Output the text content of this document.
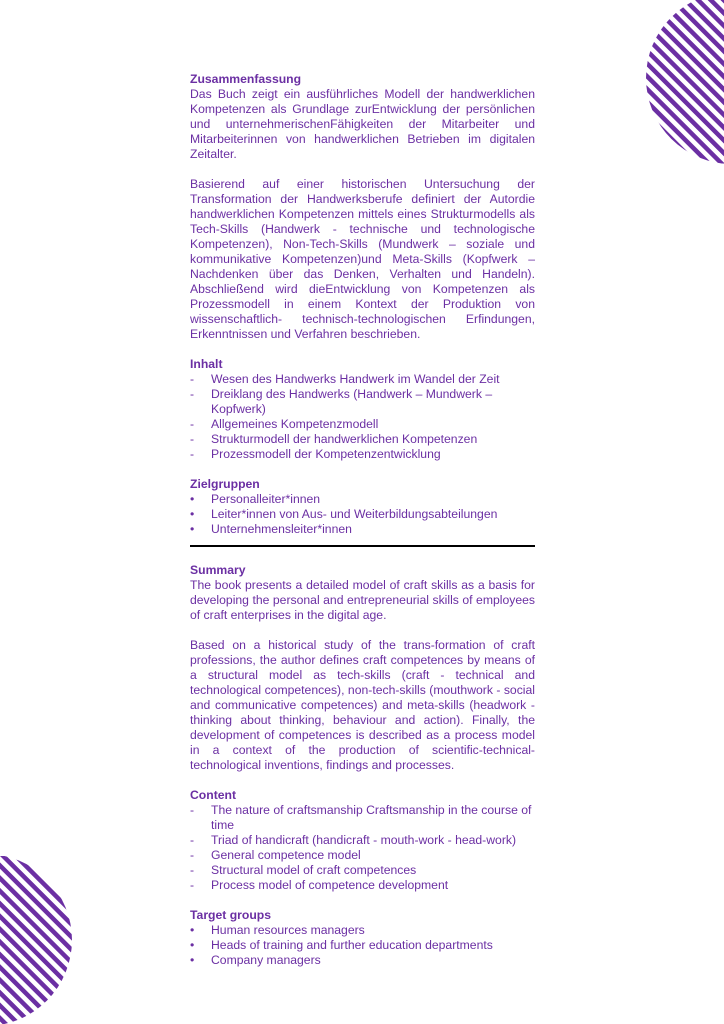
Zusammenfassung

Das Buch zeigt ein ausführliches Modell der handwerklichen Kompetenzen als Grundlage zurEntwicklung der persönlichen und unternehmerischenFähigkeiten der Mitarbeiter und Mitarbeiterinnen von handwerklichen Betrieben im digitalen Zeitalter.

Basierend auf einer historischen Untersuchung der Transformation der Handwerksberufe definiert der Autordie handwerklichen Kompetenzen mittels eines Strukturmodells als Tech-Skills (Handwerk - technische und technologische Kompetenzen), Non-Tech-Skills (Mundwerk – soziale und kommunikative Kompetenzen)und Meta-Skills (Kopfwerk – Nachdenken über das Denken, Verhalten und Handeln). Abschließend wird dieEntwicklung von Kompetenzen als Prozessmodell in einem Kontext der Produktion von wissenschaftlich- technisch-technologischen Erfindungen, Erkenntnissen und Verfahren beschrieben.

Inhalt
- Wesen des Handwerks Handwerk im Wandel der Zeit
- Dreiklang des Handwerks (Handwerk – Mundwerk – Kopfwerk)
- Allgemeines Kompetenzmodell
- Strukturmodell der handwerklichen Kompetenzen
- Prozessmodell der Kompetenzentwicklung
Zielgruppen
• Personalleiter*innen
• Leiter*innen von Aus- und Weiterbildungsabteilungen
• Unternehmensleiter*innen
Summary

The book presents a detailed model of craft skills as a basis for developing the personal and entrepreneurial skills of employees of craft enterprises in the digital age.

Based on a historical study of the trans-formation of craft professions, the author defines craft competences by means of a structural model as tech-skills (craft - technical and technological competences), non-tech-skills (mouthwork - social and communicative competences) and meta-skills (headwork - thinking about thinking, behaviour and action). Finally, the development of competences is described as a process model in a context of the production of scientific-technical-technological inventions, findings and processes.

Content
- The nature of craftsmanship Craftsmanship in the course of time
- Triad of handicraft (handicraft - mouth-work - head-work)
- General competence model
- Structural model of craft competences
- Process model of competence development
Target groups
• Human resources managers
• Heads of training and further education departments
• Company managers
